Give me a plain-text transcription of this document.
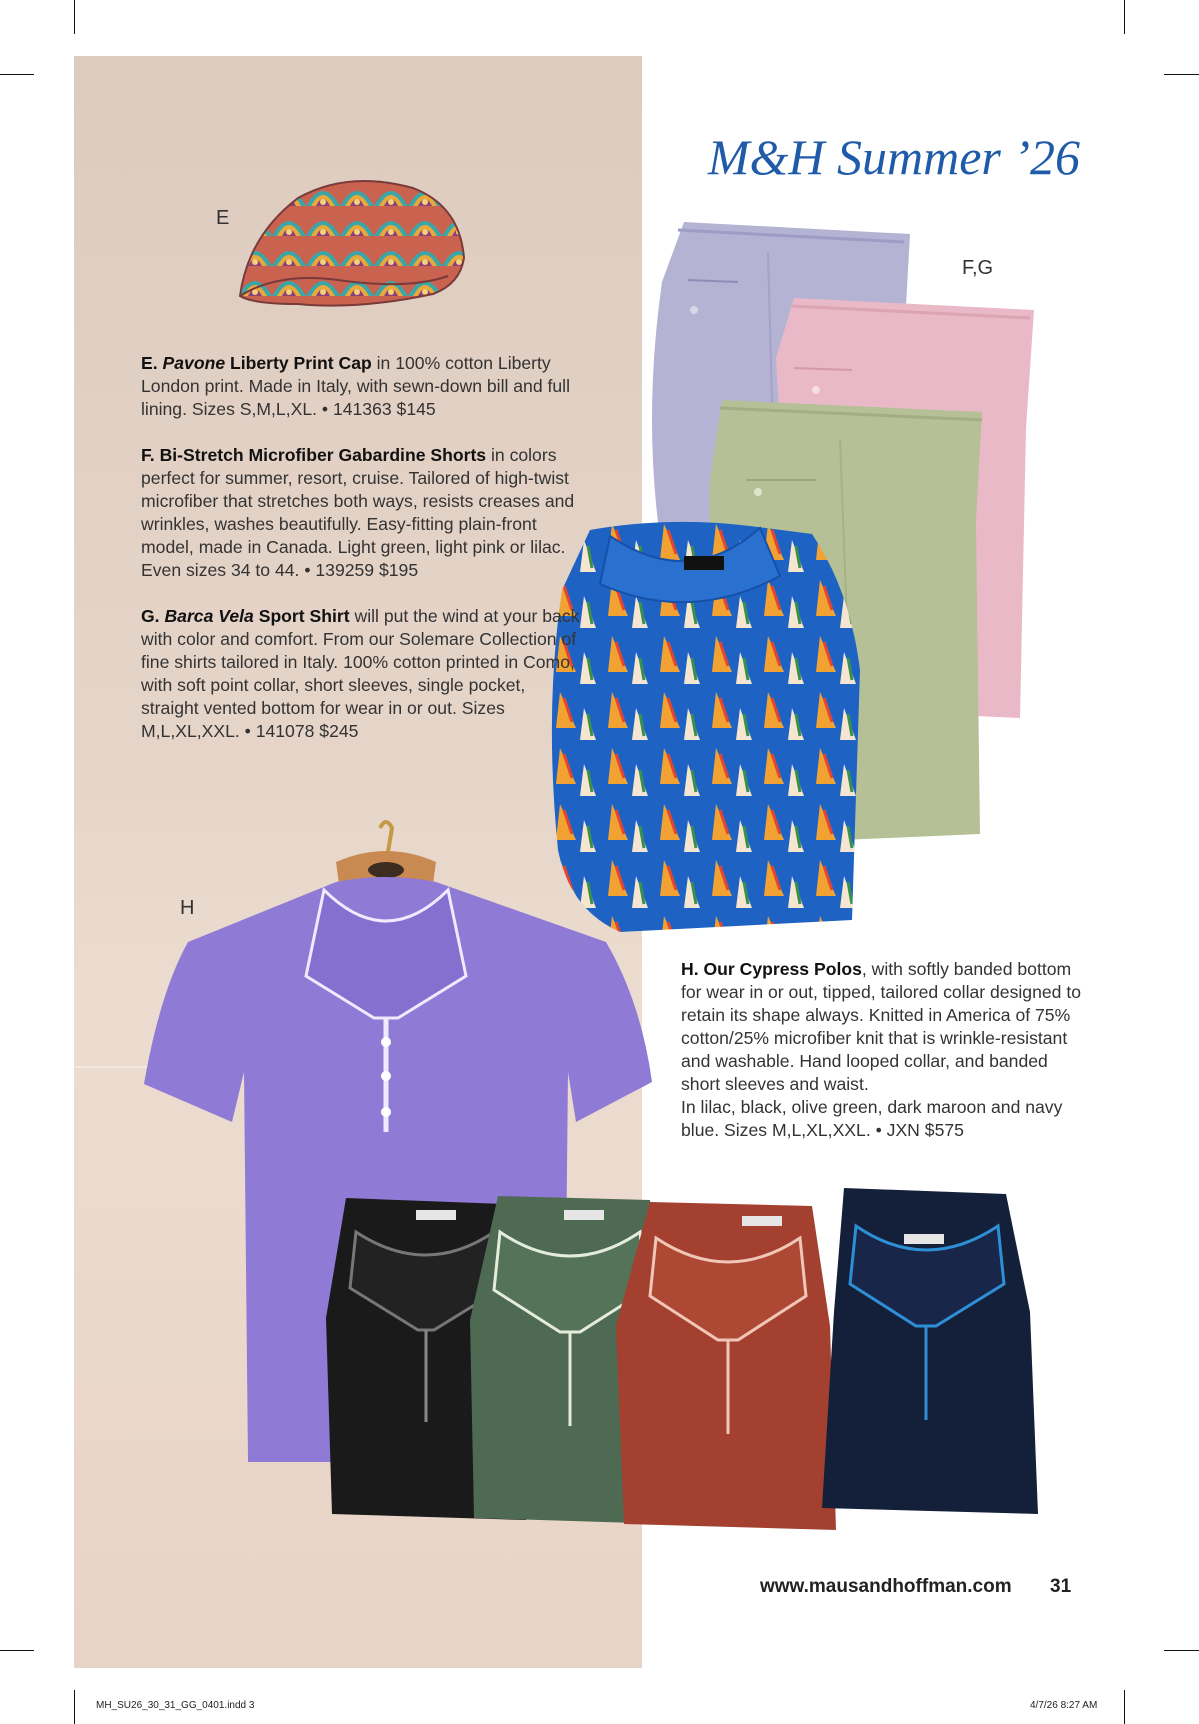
M&H Summer ’26
E
F,G
H

E. Pavone Liberty Print Cap in 100% cotton Liberty London print. Made in Italy, with sewn-down bill and full lining. Sizes S,M,L,XL. • 141363 $145

F. Bi-Stretch Microfiber Gabardine Shorts in colors perfect for summer, resort, cruise. Tailored of high-twist microfiber that stretches both ways, resists creases and wrinkles, washes beautifully. Easy-fitting plain-front model, made in Canada. Light green, light pink or lilac. Even sizes 34 to 44. • 139259 $195

G. Barca Vela Sport Shirt will put the wind at your back with color and comfort. From our Solemare Collection of fine shirts tailored in Italy. 100% cotton printed in Como, with soft point collar, short sleeves, single pocket, straight vented bottom for wear in or out. Sizes M,L,XL,XXL. • 141078 $245

H. Our Cypress Polos, with softly banded bottom for wear in or out, tipped, tailored collar designed to retain its shape always. Knitted in America of 75% cotton/25% microfiber knit that is wrinkle-resistant and washable. Hand looped collar, and banded short sleeves and waist.
In lilac, black, olive green, dark maroon and navy blue. Sizes M,L,XL,XXL. • JXN $575
www.mausandhoffman.com 31
MH_SU26_30_31_GG_0401.indd 3	4/7/26 8:27 AM
